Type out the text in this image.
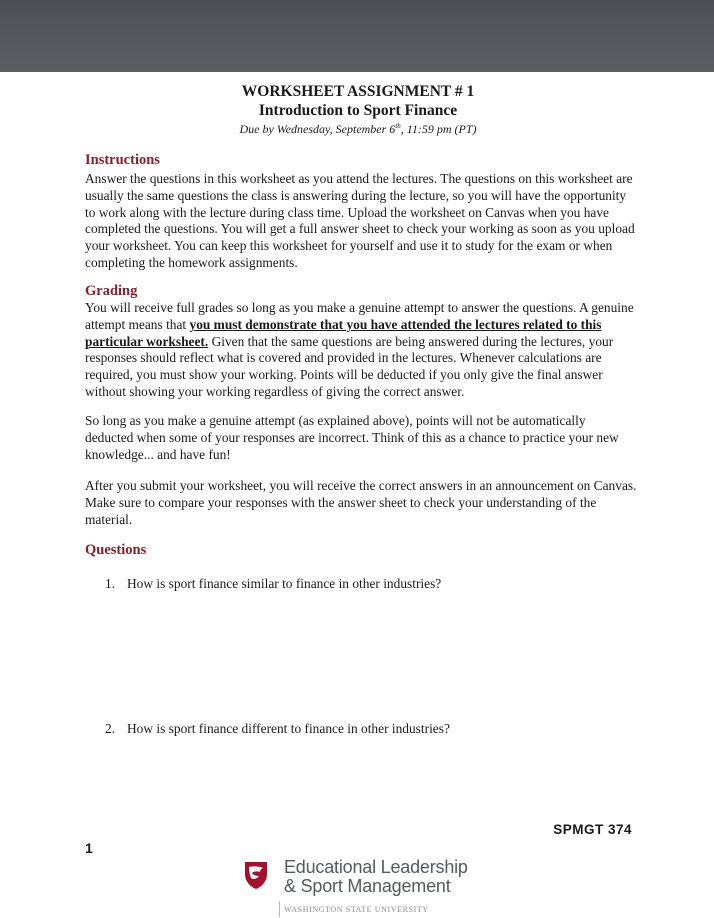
WORKSHEET ASSIGNMENT # 1

Introduction to Sport Finance

Due by Wednesday, September 6th, 11:59 pm (PT)

Instructions

Answer the questions in this worksheet as you attend the lectures. The questions on this worksheet are usually the same questions the class is answering during the lecture, so you will have the opportunity to work along with the lecture during class time. Upload the worksheet on Canvas when you have completed the questions. You will get a full answer sheet to check your working as soon as you upload your worksheet. You can keep this worksheet for yourself and use it to study for the exam or when completing the homework assignments.

Grading

You will receive full grades so long as you make a genuine attempt to answer the questions. A genuine attempt means that you must demonstrate that you have attended the lectures related to this particular worksheet. Given that the same questions are being answered during the lectures, your responses should reflect what is covered and provided in the lectures. Whenever calculations are required, you must show your working. Points will be deducted if you only give the final answer without showing your working regardless of giving the correct answer.

So long as you make a genuine attempt (as explained above), points will not be automatically deducted when some of your responses are incorrect. Think of this as a chance to practice your new knowledge... and have fun!

After you submit your worksheet, you will receive the correct answers in an announcement on Canvas. Make sure to compare your responses with the answer sheet to check your understanding of the material.

Questions
1. How is sport finance similar to finance in other industries?
2. How is sport finance different to finance in other industries?
SPMGT 374
1
Educational Leadership
& Sport Management
WASHINGTON STATE UNIVERSITY
